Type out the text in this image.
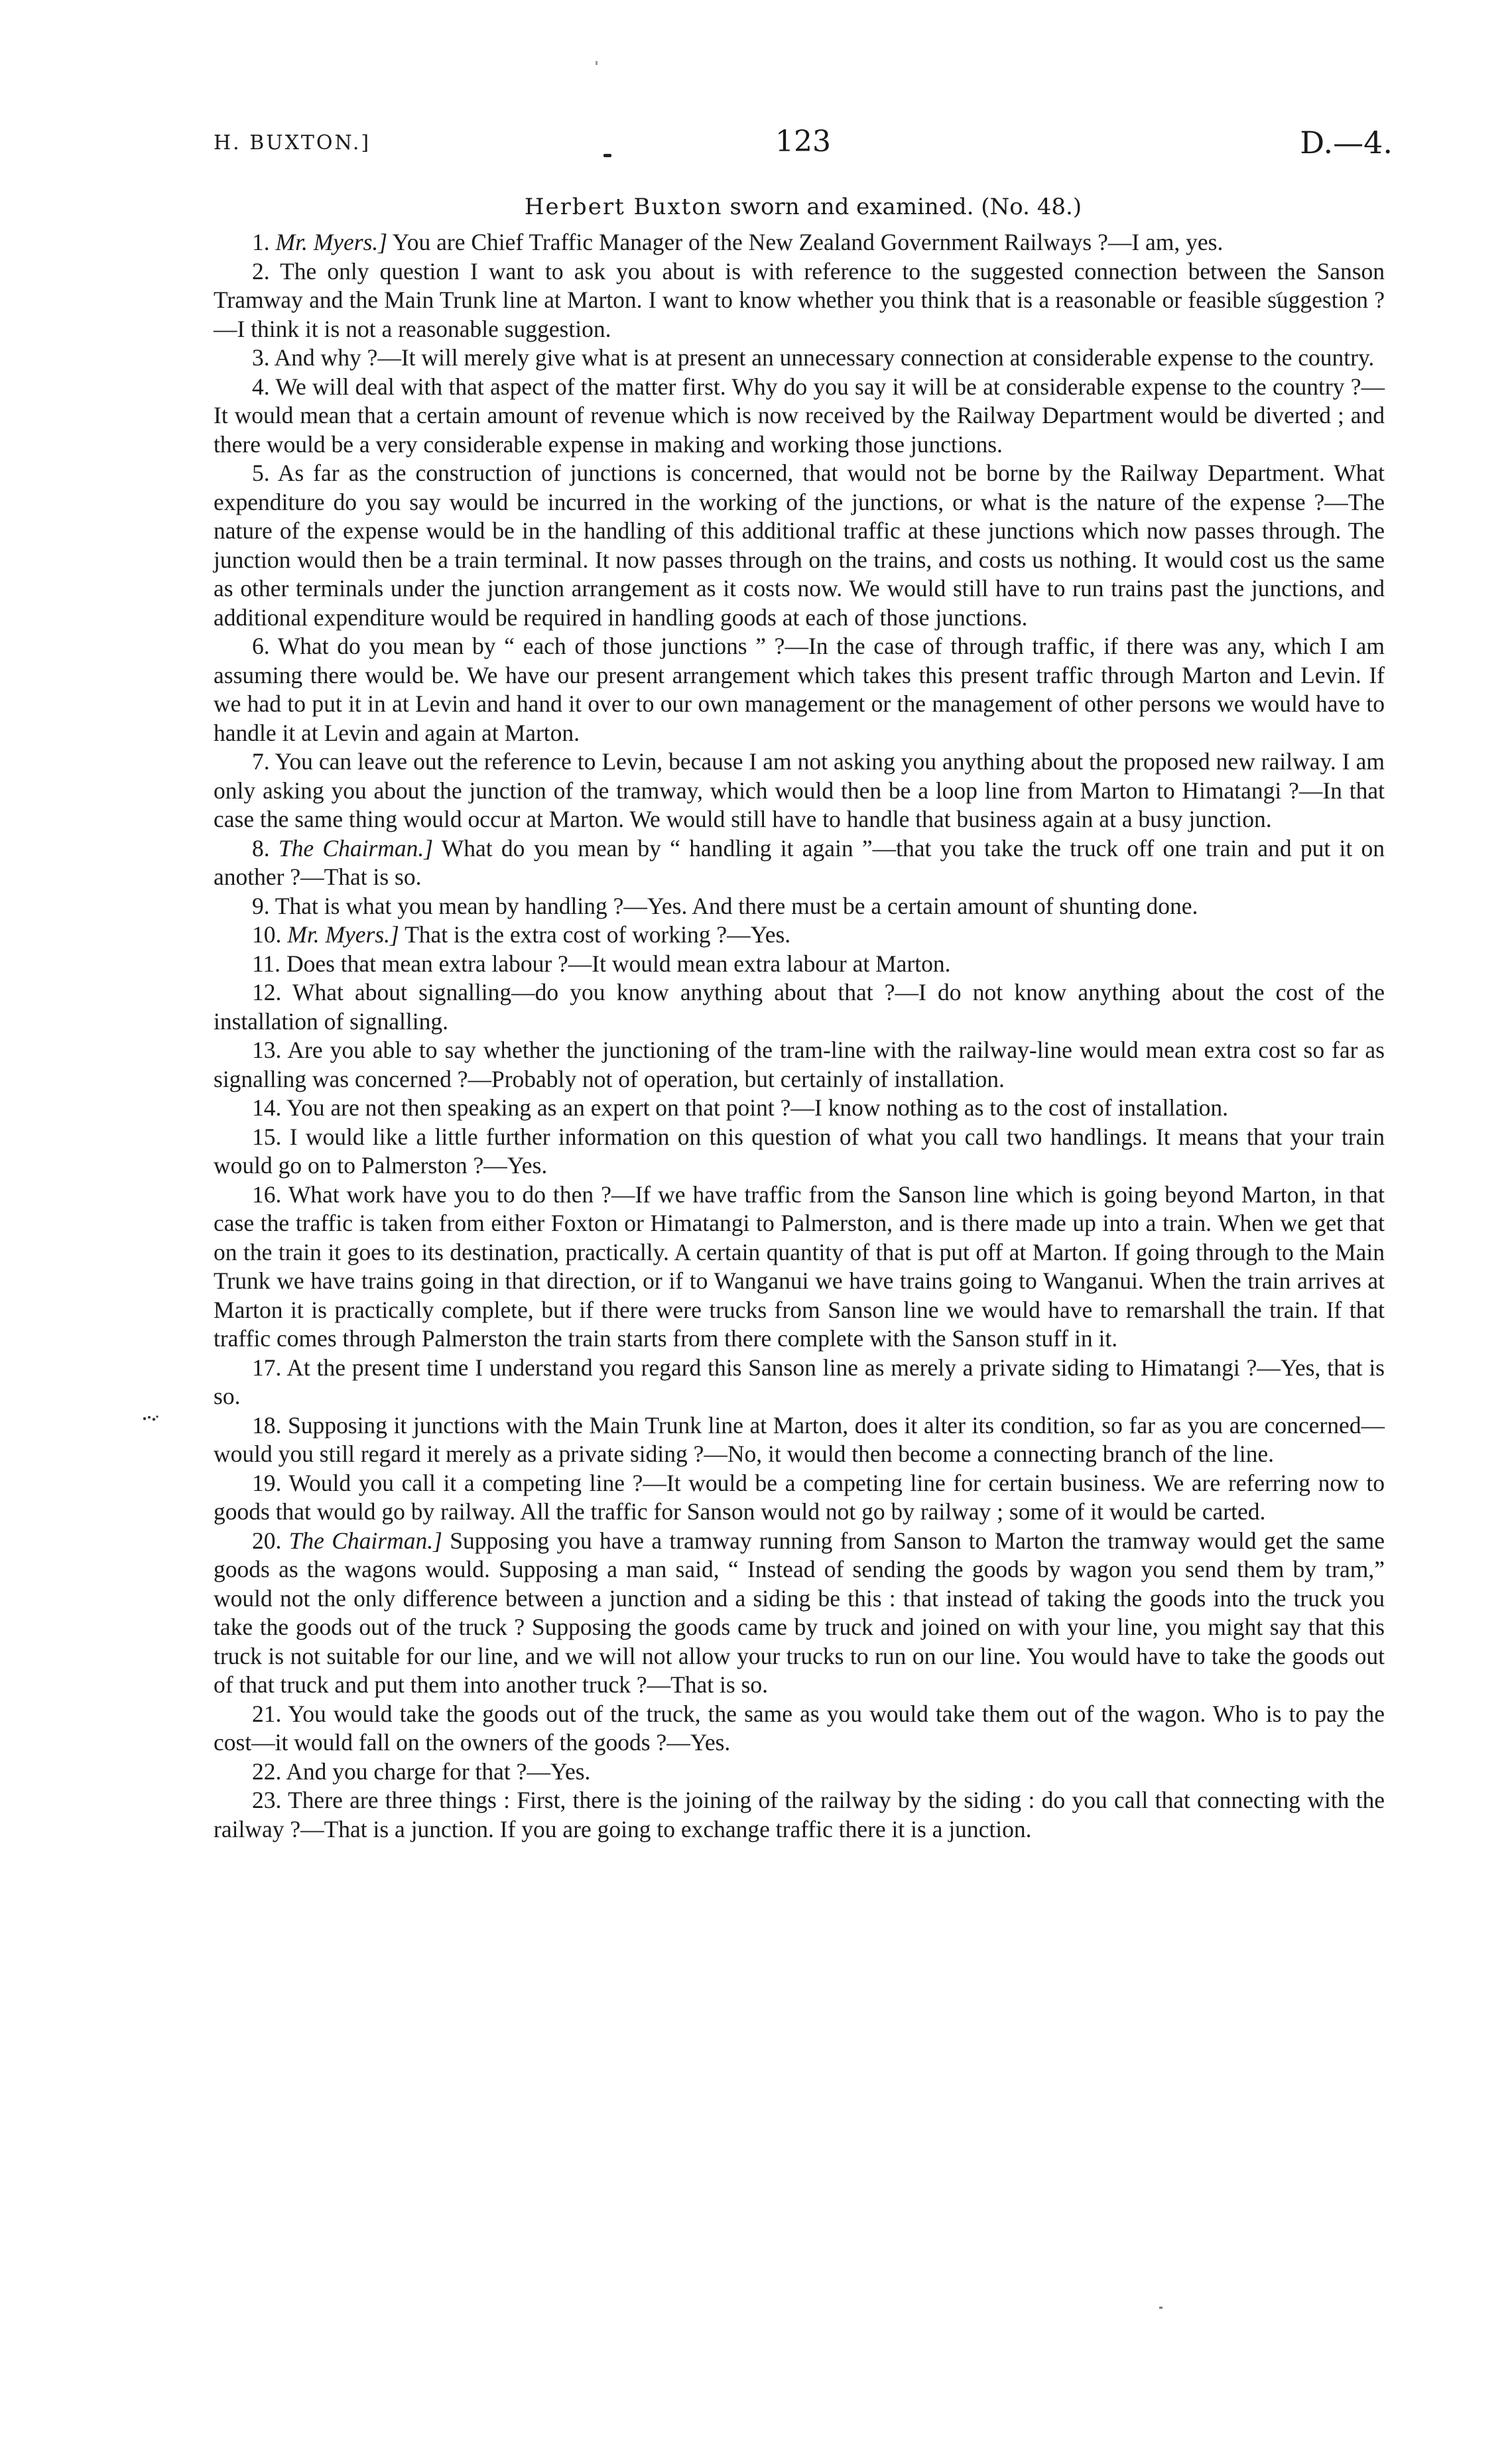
H. BUXTON.]	123	D.—4.
Herbert Buxton sworn and examined. (No. 48.)

1. Mr. Myers.] You are Chief Traffic Manager of the New Zealand Government Railways ?—I am, yes.

2. The only question I want to ask you about is with reference to the suggested connection between the Sanson Tramway and the Main Trunk line at Marton. I want to know whether you think that is a reasonable or feasible suggestion ?—I think it is not a reasonable suggestion.

3. And why ?—It will merely give what is at present an unnecessary connection at considerable expense to the country.

4. We will deal with that aspect of the matter first. Why do you say it will be at considerable expense to the country ?—It would mean that a certain amount of revenue which is now received by the Railway Department would be diverted ; and there would be a very considerable expense in making and working those junctions.

5. As far as the construction of junctions is concerned, that would not be borne by the Railway Department. What expenditure do you say would be incurred in the working of the junctions, or what is the nature of the expense ?—The nature of the expense would be in the handling of this additional traffic at these junctions which now passes through. The junction would then be a train terminal. It now passes through on the trains, and costs us nothing. It would cost us the same as other terminals under the junction arrangement as it costs now. We would still have to run trains past the junctions, and additional expenditure would be required in handling goods at each of those junctions.

6. What do you mean by “ each of those junctions ” ?—In the case of through traffic, if there was any, which I am assuming there would be. We have our present arrangement which takes this present traffic through Marton and Levin. If we had to put it in at Levin and hand it over to our own management or the management of other persons we would have to handle it at Levin and again at Marton.

7. You can leave out the reference to Levin, because I am not asking you anything about the proposed new railway. I am only asking you about the junction of the tramway, which would then be a loop line from Marton to Himatangi ?—In that case the same thing would occur at Marton. We would still have to handle that business again at a busy junction.

8. The Chairman.] What do you mean by “ handling it again ”—that you take the truck off one train and put it on another ?—That is so.

9. That is what you mean by handling ?—Yes. And there must be a certain amount of shunting done.

10. Mr. Myers.] That is the extra cost of working ?—Yes.

11. Does that mean extra labour ?—It would mean extra labour at Marton.

12. What about signalling—do you know anything about that ?—I do not know anything about the cost of the installation of signalling.

13. Are you able to say whether the junctioning of the tram-line with the railway-line would mean extra cost so far as signalling was concerned ?—Probably not of operation, but certainly of installation.

14. You are not then speaking as an expert on that point ?—I know nothing as to the cost of installation.

15. I would like a little further information on this question of what you call two handlings. It means that your train would go on to Palmerston ?—Yes.

16. What work have you to do then ?—If we have traffic from the Sanson line which is going beyond Marton, in that case the traffic is taken from either Foxton or Himatangi to Palmerston, and is there made up into a train. When we get that on the train it goes to its destination, practically. A certain quantity of that is put off at Marton. If going through to the Main Trunk we have trains going in that direction, or if to Wanganui we have trains going to Wanganui. When the train arrives at Marton it is practically complete, but if there were trucks from Sanson line we would have to remarshall the train. If that traffic comes through Palmerston the train starts from there complete with the Sanson stuff in it.

17. At the present time I understand you regard this Sanson line as merely a private siding to Himatangi ?—Yes, that is so.

18. Supposing it junctions with the Main Trunk line at Marton, does it alter its condition, so far as you are concerned—would you still regard it merely as a private siding ?—No, it would then become a connecting branch of the line.

19. Would you call it a competing line ?—It would be a competing line for certain business. We are referring now to goods that would go by railway. All the traffic for Sanson would not go by railway ; some of it would be carted.

20. The Chairman.] Supposing you have a tramway running from Sanson to Marton the tramway would get the same goods as the wagons would. Supposing a man said, “ Instead of sending the goods by wagon you send them by tram,” would not the only difference between a junction and a siding be this : that instead of taking the goods into the truck you take the goods out of the truck ? Supposing the goods came by truck and joined on with your line, you might say that this truck is not suitable for our line, and we will not allow your trucks to run on our line. You would have to take the goods out of that truck and put them into another truck ?—That is so.

21. You would take the goods out of the truck, the same as you would take them out of the wagon. Who is to pay the cost—it would fall on the owners of the goods ?—Yes.

22. And you charge for that ?—Yes.

23. There are three things : First, there is the joining of the railway by the siding : do you call that connecting with the railway ?—That is a junction. If you are going to exchange traffic there it is a junction.
